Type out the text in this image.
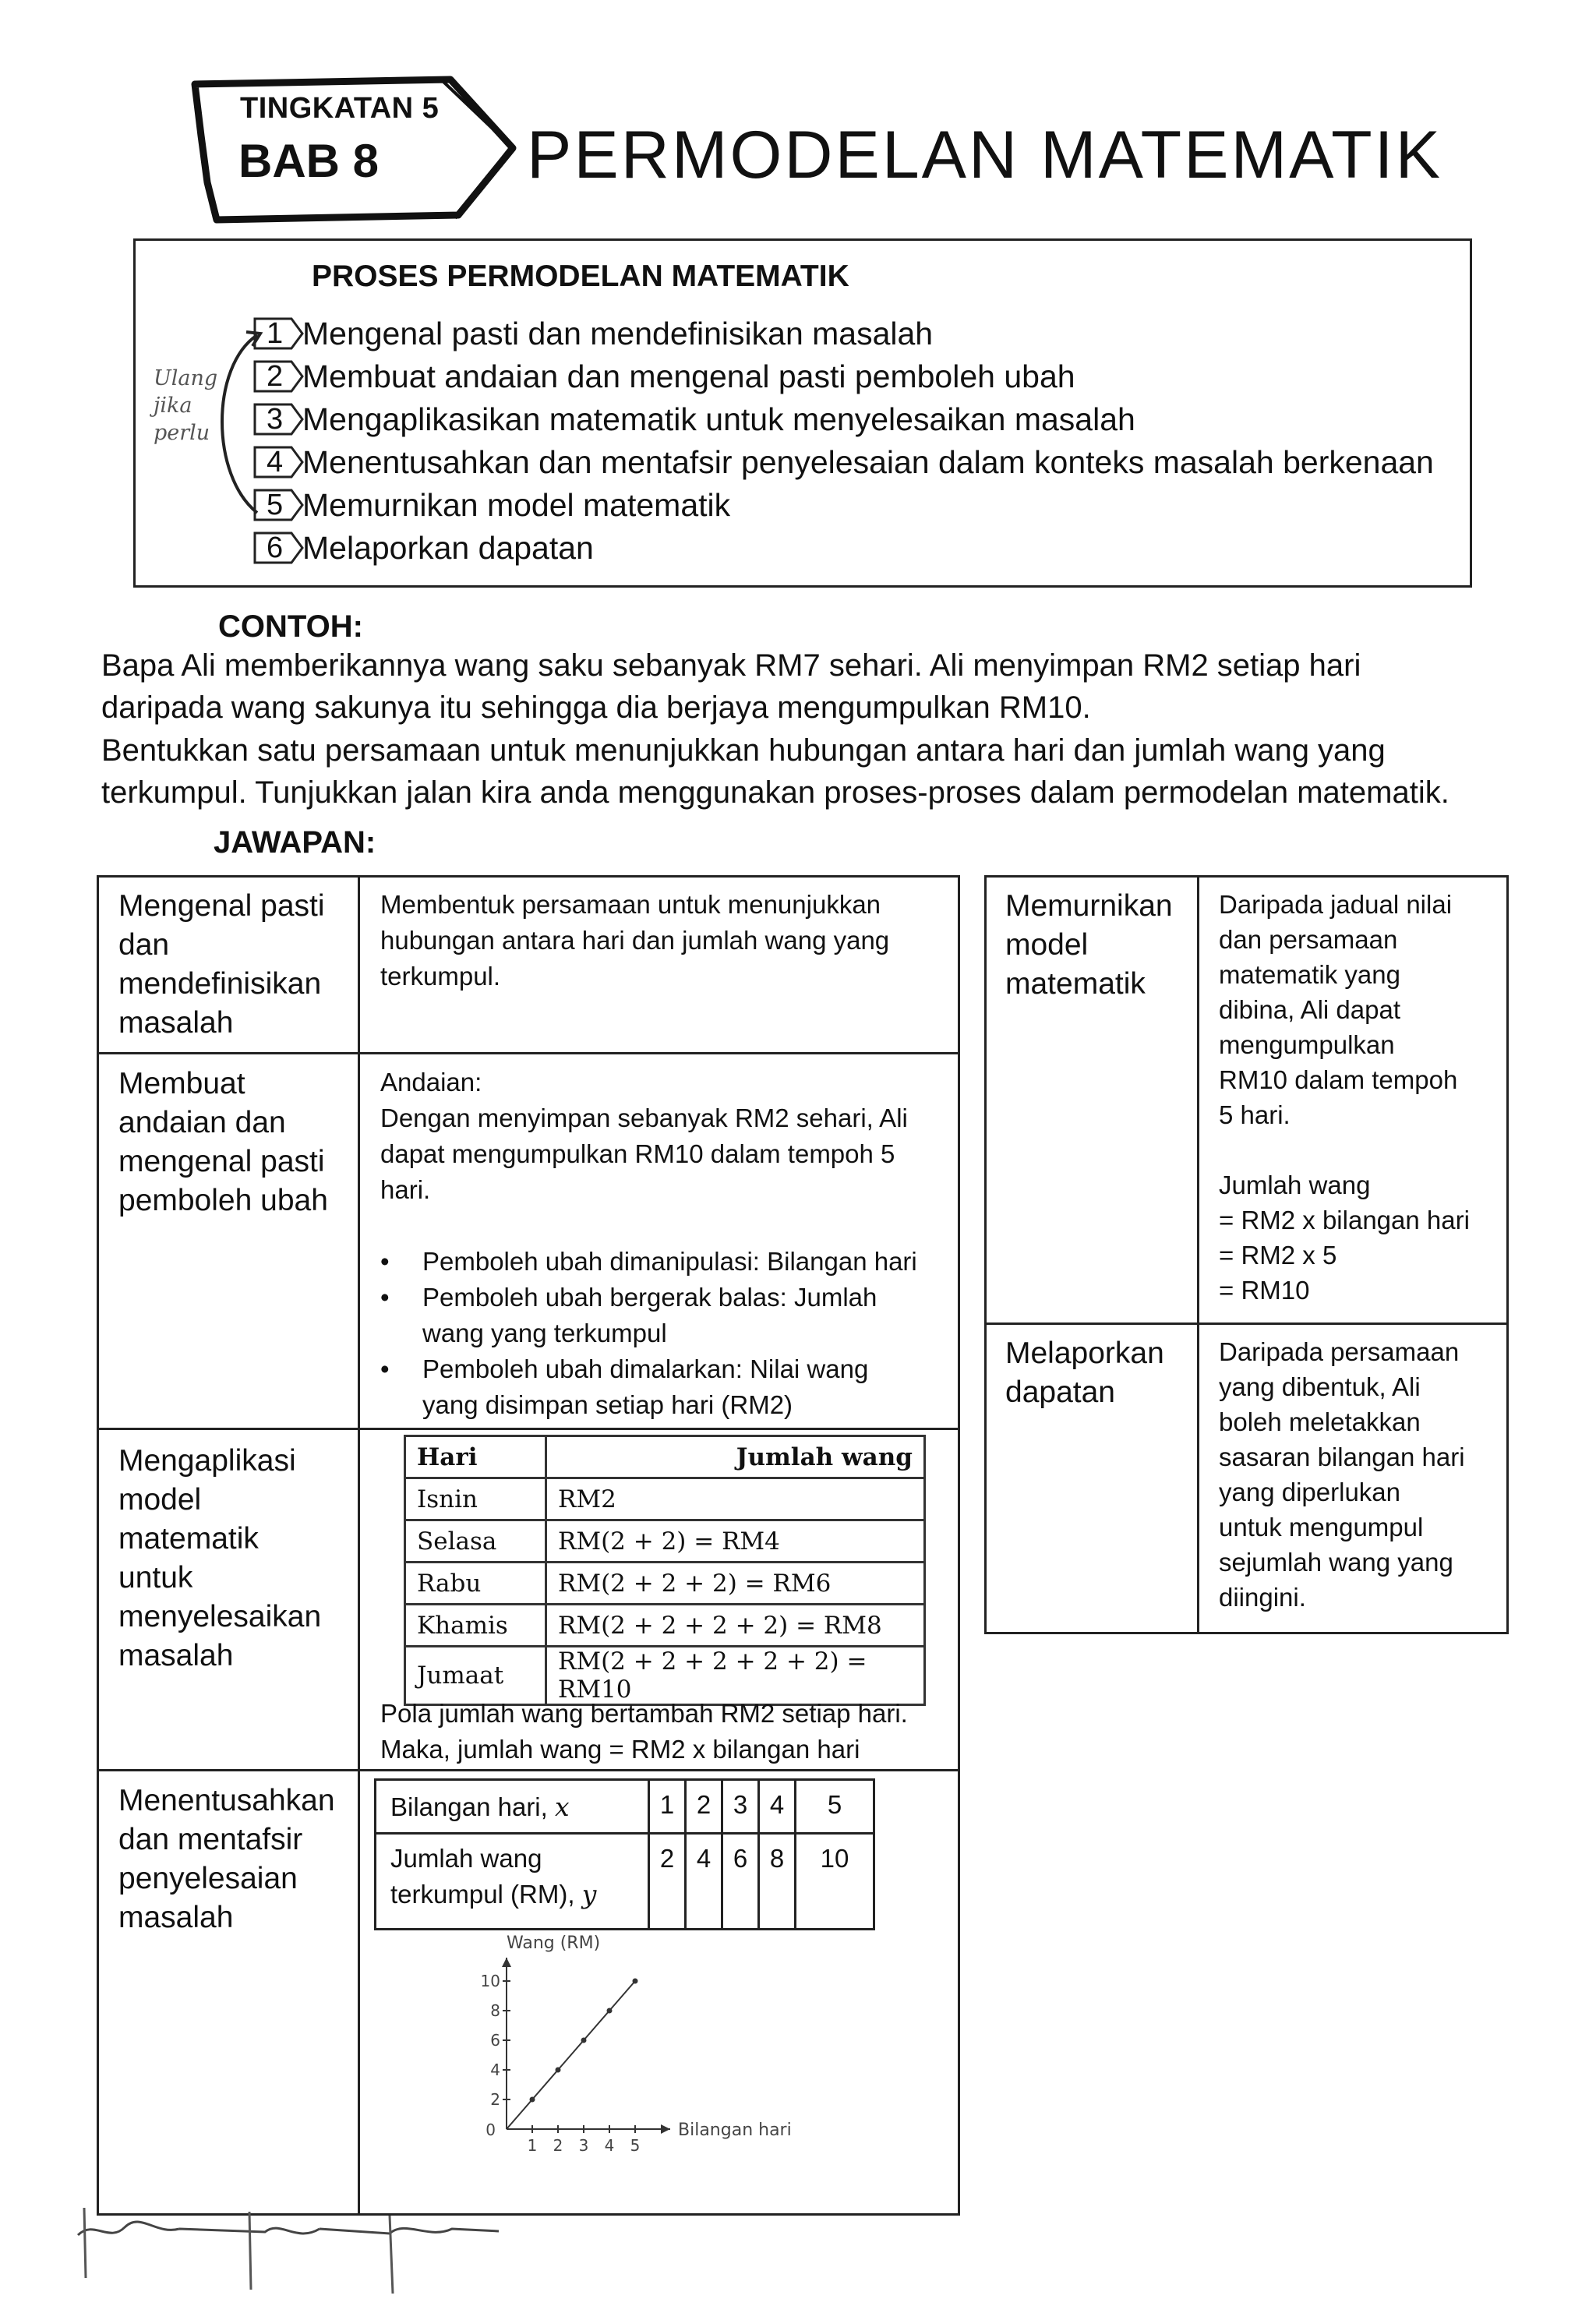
TINGKATAN 5
BAB 8 PERMODELAN MATEMATIK
PROSES PERMODELAN MATEMATIK
Ulang
jika
perlu
1 Mengenal pasti dan mendefinisikan masalah
2 Membuat andaian dan mengenal pasti pemboleh ubah
3 Mengaplikasikan matematik untuk menyelesaikan masalah
4 Menentusahkan dan mentafsir penyelesaian dalam konteks masalah berkenaan
5 Memurnikan model matematik
6 Melaporkan dapatan
CONTOH:
Bapa Ali memberikannya wang saku sebanyak RM7 sehari. Ali menyimpan RM2 setiap hari
daripada wang sakunya itu sehingga dia berjaya mengumpulkan RM10.
Bentukkan satu persamaan untuk menunjukkan hubungan antara hari dan jumlah wang yang
terkumpul. Tunjukkan jalan kira anda menggunakan proses-proses dalam permodelan matematik.
JAWAPAN:
Mengenal pasti
dan
mendefinisikan
masalah
Membentuk persamaan untuk menunjukkan
hubungan antara hari dan jumlah wang yang
terkumpul.
Membuat
andaian dan
mengenal pasti
pemboleh ubah
Andaian:
Dengan menyimpan sebanyak RM2 sehari, Ali
dapat mengumpulkan RM10 dalam tempoh 5
hari.
• Pemboleh ubah dimanipulasi: Bilangan hari
• Pemboleh ubah bergerak balas: Jumlah
wang yang terkumpul
• Pemboleh ubah dimalarkan: Nilai wang
yang disimpan setiap hari (RM2)
Mengaplikasi
model
matematik
untuk
menyelesaikan
masalah
Hari	Jumlah wang
Isnin	RM2
Selasa	RM(2 + 2) = RM4
Rabu	RM(2 + 2 + 2) = RM6
Khamis	RM(2 + 2 + 2 + 2) = RM8
Jumaat	RM(2 + 2 + 2 + 2 + 2) = RM10
Pola jumlah wang bertambah RM2 setiap hari.
Maka, jumlah wang = RM2 x bilangan hari
Menentusahkan
dan mentafsir
penyelesaian
masalah
Bilangan hari, x	1	2	3	4	5

Jumlah wang
terkumpul (RM), y	2	4	6	8	10
1 2 3 4 5
0
2
4
6
8
10
Wang (RM)
Bilangan hari
Memurnikan
model
matematik
Daripada jadual nilai
dan persamaan
matematik yang
dibina, Ali dapat
mengumpulkan
RM10 dalam tempoh
5 hari.
Jumlah wang
= RM2 x bilangan hari
= RM2 x 5
= RM10
Melaporkan
dapatan
Daripada persamaan
yang dibentuk, Ali
boleh meletakkan
sasaran bilangan hari
yang diperlukan
untuk mengumpul
sejumlah wang yang
diingini.
